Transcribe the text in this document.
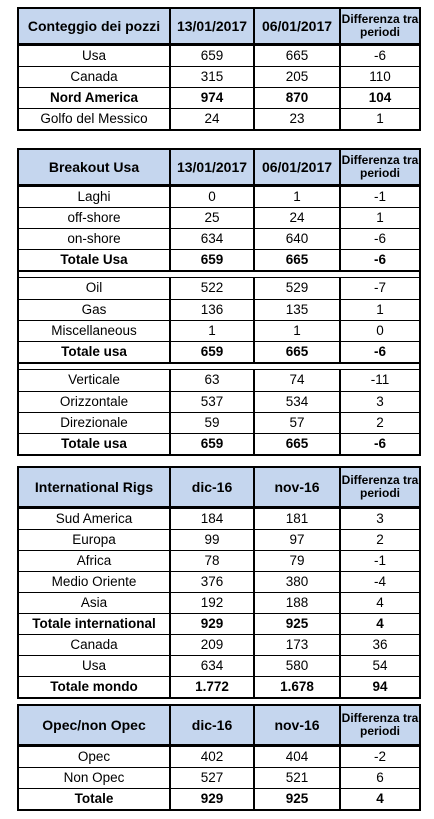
Conteggio dei pozzi	13/01/2017	06/01/2017 Differenza tra periodi
Usa	659	665	-6
Canada	315	205	110
Nord America	974	870	104
Golfo del Messico	24	23	1
Breakout Usa	13/01/2017	06/01/2017 Differenza tra periodi
Laghi	0	1	-1
off-shore	25	24	1
on-shore	634	640	-6
Totale Usa	659	665	-6
Oil	522	529	-7
Gas	136	135	1
Miscellaneous	1	1	0
Totale usa	659	665	-6
Verticale	63	74	-11
Orizzontale	537	534	3
Direzionale	59	57	2
Totale usa	659	665	-6
International Rigs	dic-16	nov-16	Differenza tra periodi
Sud America	184	181	3
Europa	99	97	2
Africa	78	79	-1
Medio Oriente	376	380	-4
Asia	192	188	4
Totale international	929	925	4
Canada	209	173	36
Usa	634	580	54
Totale mondo	1.772	1.678	94
Opec/non Opec	dic-16	nov-16	Differenza tra periodi
Opec	402	404	-2
Non Opec	527	521	6
Totale	929	925	4
